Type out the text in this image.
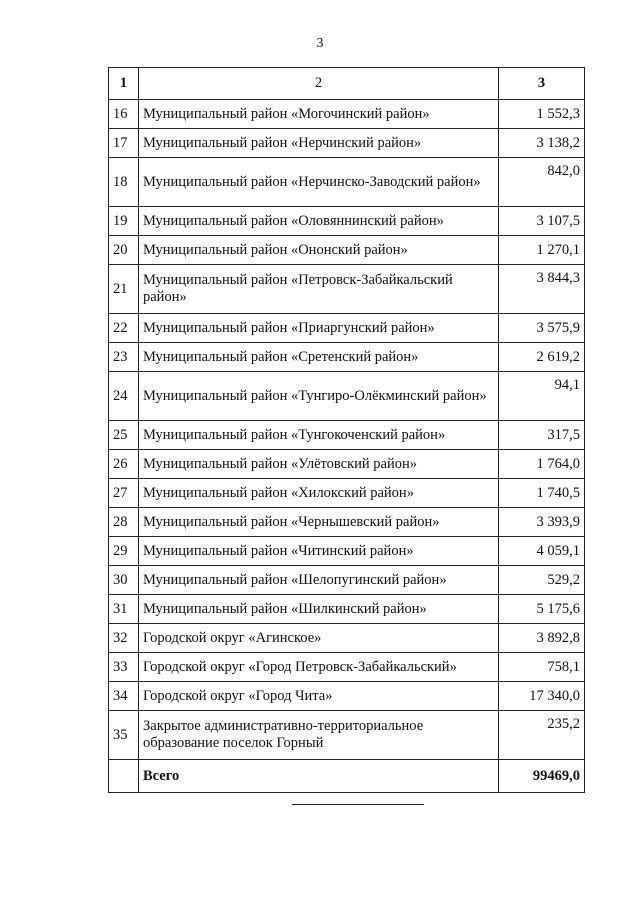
3
1	2	3
16	Муниципальный район «Могочинский район»	1 552,3
17	Муниципальный район «Нерчинский район»	3 138,2
18	Муниципальный район «Нерчинско-Заводский район»	842,0
19	Муниципальный район «Оловяннинский район»	3 107,5
20	Муниципальный район «Ононский район»	1 270,1
21	Муниципальный район «Петровск-Забайкальский район»	3 844,3
22	Муниципальный район «Приаргунский район»	3 575,9
23	Муниципальный район «Сретенский район»	2 619,2
24	Муниципальный район «Тунгиро-Олёкминский район»	94,1
25	Муниципальный район «Тунгокоченский район»	317,5
26	Муниципальный район «Улётовский район»	1 764,0
27	Муниципальный район «Хилокский район»	1 740,5
28	Муниципальный район «Чернышевский район»	3 393,9
29	Муниципальный район «Читинский район»	4 059,1
30	Муниципальный район «Шелопугинский район»	529,2
31	Муниципальный район «Шилкинский район»	5 175,6
32	Городской округ «Агинское»	3 892,8
33	Городской округ «Город Петровск-Забайкальский»	758,1
34	Городской округ «Город Чита»	17 340,0
35	Закрытое административно-территориальное образование поселок Горный	235,2
	Всего	99469,0
